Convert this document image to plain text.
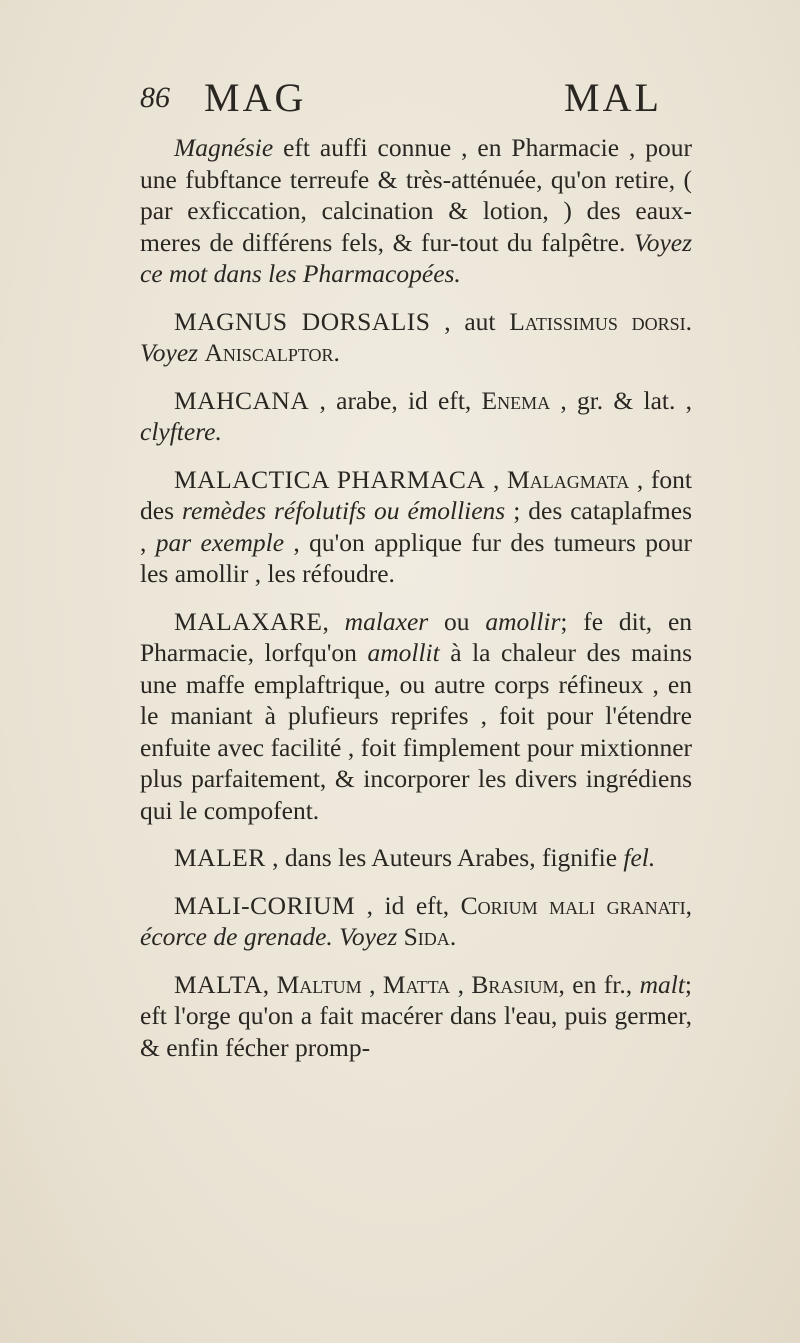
86 MAG	MAL

Magnésie eft auffi connue , en Pharmacie , pour une fubftance terreufe & très-atténuée, qu'on retire, ( par exficcation, calcination & lotion, ) des eaux-meres de différens fels, & fur-tout du falpêtre. Voyez ce mot dans les Pharmacopées.

MAGNUS DORSALIS , aut Latissimus dorsi. Voyez Aniscalptor.

MAHCANA , arabe, id eft, Enema , gr. & lat. , clyftere.

MALACTICA PHARMACA , Malagmata , font des remèdes réfolutifs ou émolliens ; des cataplafmes , par exemple , qu'on applique fur des tumeurs pour les amollir , les réfoudre.

MALAXARE, malaxer ou amollir; fe dit, en Pharmacie, lorfqu'on amollit à la chaleur des mains une maffe emplaftrique, ou autre corps réfineux , en le maniant à plufieurs reprifes , foit pour l'étendre enfuite avec facilité , foit fimplement pour mixtionner plus parfaitement, & incorporer les divers ingrédiens qui le compofent.

MALER , dans les Auteurs Arabes, fignifie fel.

MALI-CORIUM , id eft, Corium mali granati, écorce de grenade. Voyez Sida.

MALTA, Maltum , Matta , Brasium, en fr., malt; eft l'orge qu'on a fait macérer dans l'eau, puis germer, & enfin fécher promp-
